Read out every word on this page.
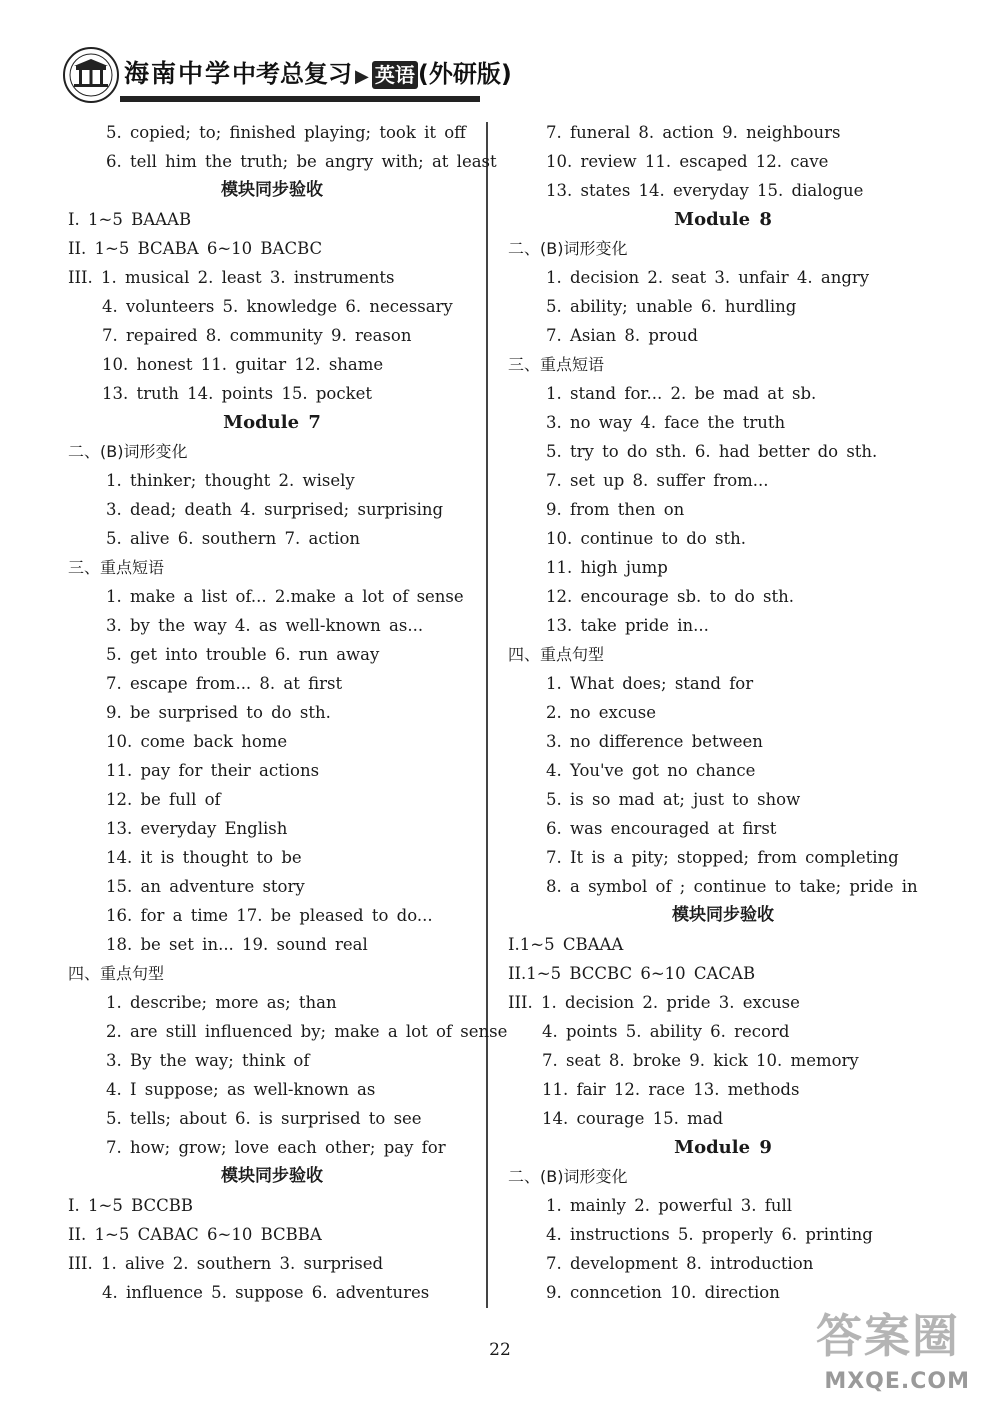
海南中学中考总复习 ▶ 英语 (外研版)
5. copied; to; finished playing; took it off
6. tell him the truth; be angry with; at least
模块同步验收
I. 1~5 BAAAB
II. 1~5 BCABA 6~10 BACBC
III. 1. musical 2. least 3. instruments
4. volunteers 5. knowledge 6. necessary
7. repaired 8. community 9. reason
10. honest 11. guitar 12. shame
13. truth 14. points 15. pocket
Module 7
二、(B)词形变化
1. thinker; thought 2. wisely
3. dead; death 4. surprised; surprising
5. alive 6. southern 7. action
三、重点短语
1. make a list of... 2.make a lot of sense
3. by the way 4. as well-known as...
5. get into trouble 6. run away
7. escape from... 8. at first
9. be surprised to do sth.
10. come back home
11. pay for their actions
12. be full of
13. everyday English
14. it is thought to be
15. an adventure story
16. for a time 17. be pleased to do...
18. be set in... 19. sound real
四、重点句型
1. describe; more as; than
2. are still influenced by; make a lot of sense
3. By the way; think of
4. I suppose; as well-known as
5. tells; about 6. is surprised to see
7. how; grow; love each other; pay for
模块同步验收
I. 1~5 BCCBB
II. 1~5 CABAC 6~10 BCBBA
III. 1. alive 2. southern 3. surprised
4. influence 5. suppose 6. adventures
7. funeral 8. action 9. neighbours
10. review 11. escaped 12. cave
13. states 14. everyday 15. dialogue
Module 8
二、(B)词形变化
1. decision 2. seat 3. unfair 4. angry
5. ability; unable 6. hurdling
7. Asian 8. proud
三、重点短语
1. stand for... 2. be mad at sb.
3. no way 4. face the truth
5. try to do sth. 6. had better do sth.
7. set up 8. suffer from...
9. from then on
10. continue to do sth.
11. high jump
12. encourage sb. to do sth.
13. take pride in...
四、重点句型
1. What does; stand for
2. no excuse
3. no difference between
4. You've got no chance
5. is so mad at; just to show
6. was encouraged at first
7. It is a pity; stopped; from completing
8. a symbol of ; continue to take; pride in
模块同步验收
I.1~5 CBAAA
II.1~5 BCCBC 6~10 CACAB
III. 1. decision 2. pride 3. excuse
4. points 5. ability 6. record
7. seat 8. broke 9. kick 10. memory
11. fair 12. race 13. methods
14. courage 15. mad
Module 9
二、(B)词形变化
1. mainly 2. powerful 3. full
4. instructions 5. properly 6. printing
7. development 8. introduction
9. conncetion 10. direction
22	答案圈
MXQE.COM
